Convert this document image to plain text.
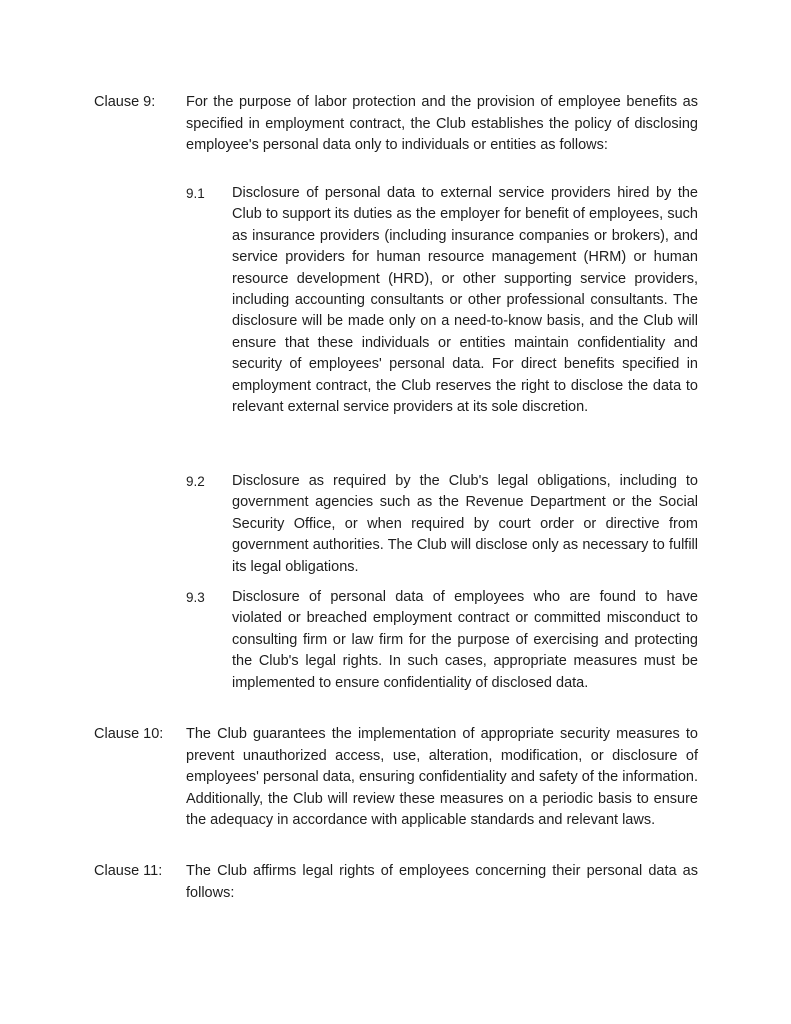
Clause 9: For the purpose of labor protection and the provision of employee benefits as specified in employment contract, the Club establishes the policy of disclosing employee's personal data only to individuals or entities as follows:
9.1 Disclosure of personal data to external service providers hired by the Club to support its duties as the employer for benefit of employees, such as insurance providers (including insurance companies or brokers), and service providers for human resource management (HRM) or human resource development (HRD), or other supporting service providers, including accounting consultants or other professional consultants. The disclosure will be made only on a need-to-know basis, and the Club will ensure that these individuals or entities maintain confidentiality and security of employees' personal data. For direct benefits specified in employment contract, the Club reserves the right to disclose the data to relevant external service providers at its sole discretion.
9.2 Disclosure as required by the Club's legal obligations, including to government agencies such as the Revenue Department or the Social Security Office, or when required by court order or directive from government authorities. The Club will disclose only as necessary to fulfill its legal obligations.
9.3 Disclosure of personal data of employees who are found to have violated or breached employment contract or committed misconduct to consulting firm or law firm for the purpose of exercising and protecting the Club's legal rights. In such cases, appropriate measures must be implemented to ensure confidentiality of disclosed data.
Clause 10: The Club guarantees the implementation of appropriate security measures to prevent unauthorized access, use, alteration, modification, or disclosure of employees' personal data, ensuring confidentiality and safety of the information. Additionally, the Club will review these measures on a periodic basis to ensure the adequacy in accordance with applicable standards and relevant laws.
Clause 11: The Club affirms legal rights of employees concerning their personal data as follows:
